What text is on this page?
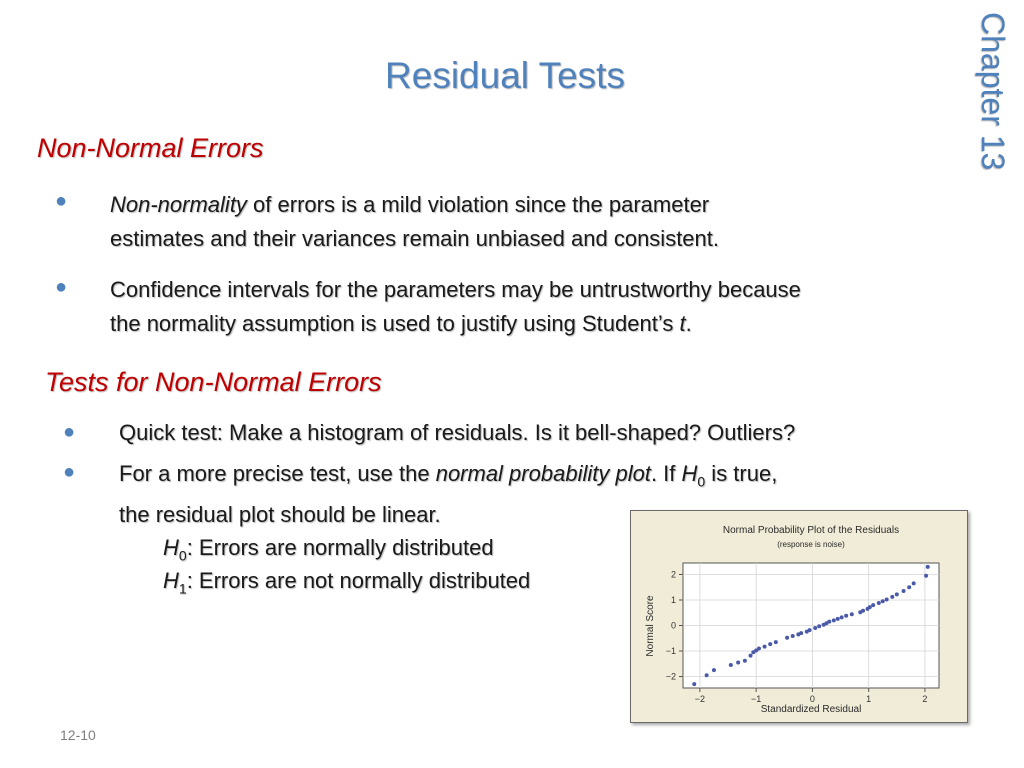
Residual Tests	Chapter 13
Non-Normal Errors
● Non-normality of errors is a mild violation since the parameter
estimates and their variances remain unbiased and consistent.
● Confidence intervals for the parameters may be untrustworthy because
the normality assumption is used to justify using Student’s t.
Tests for Non-Normal Errors
● Quick test: Make a histogram of residuals. Is it bell-shaped? Outliers?
● For a more precise test, use the normal probability plot. If $H_0$ is true,
the residual plot should be linear.
$H_0$: Errors are normally distributed
$H_1$: Errors are not normally distributed
−2	−1	0	1	2
−2
−1
0
1
2
Normal Probability Plot of the Residuals
(response is noise)
Standardized Residual
Normal Score
12-10
